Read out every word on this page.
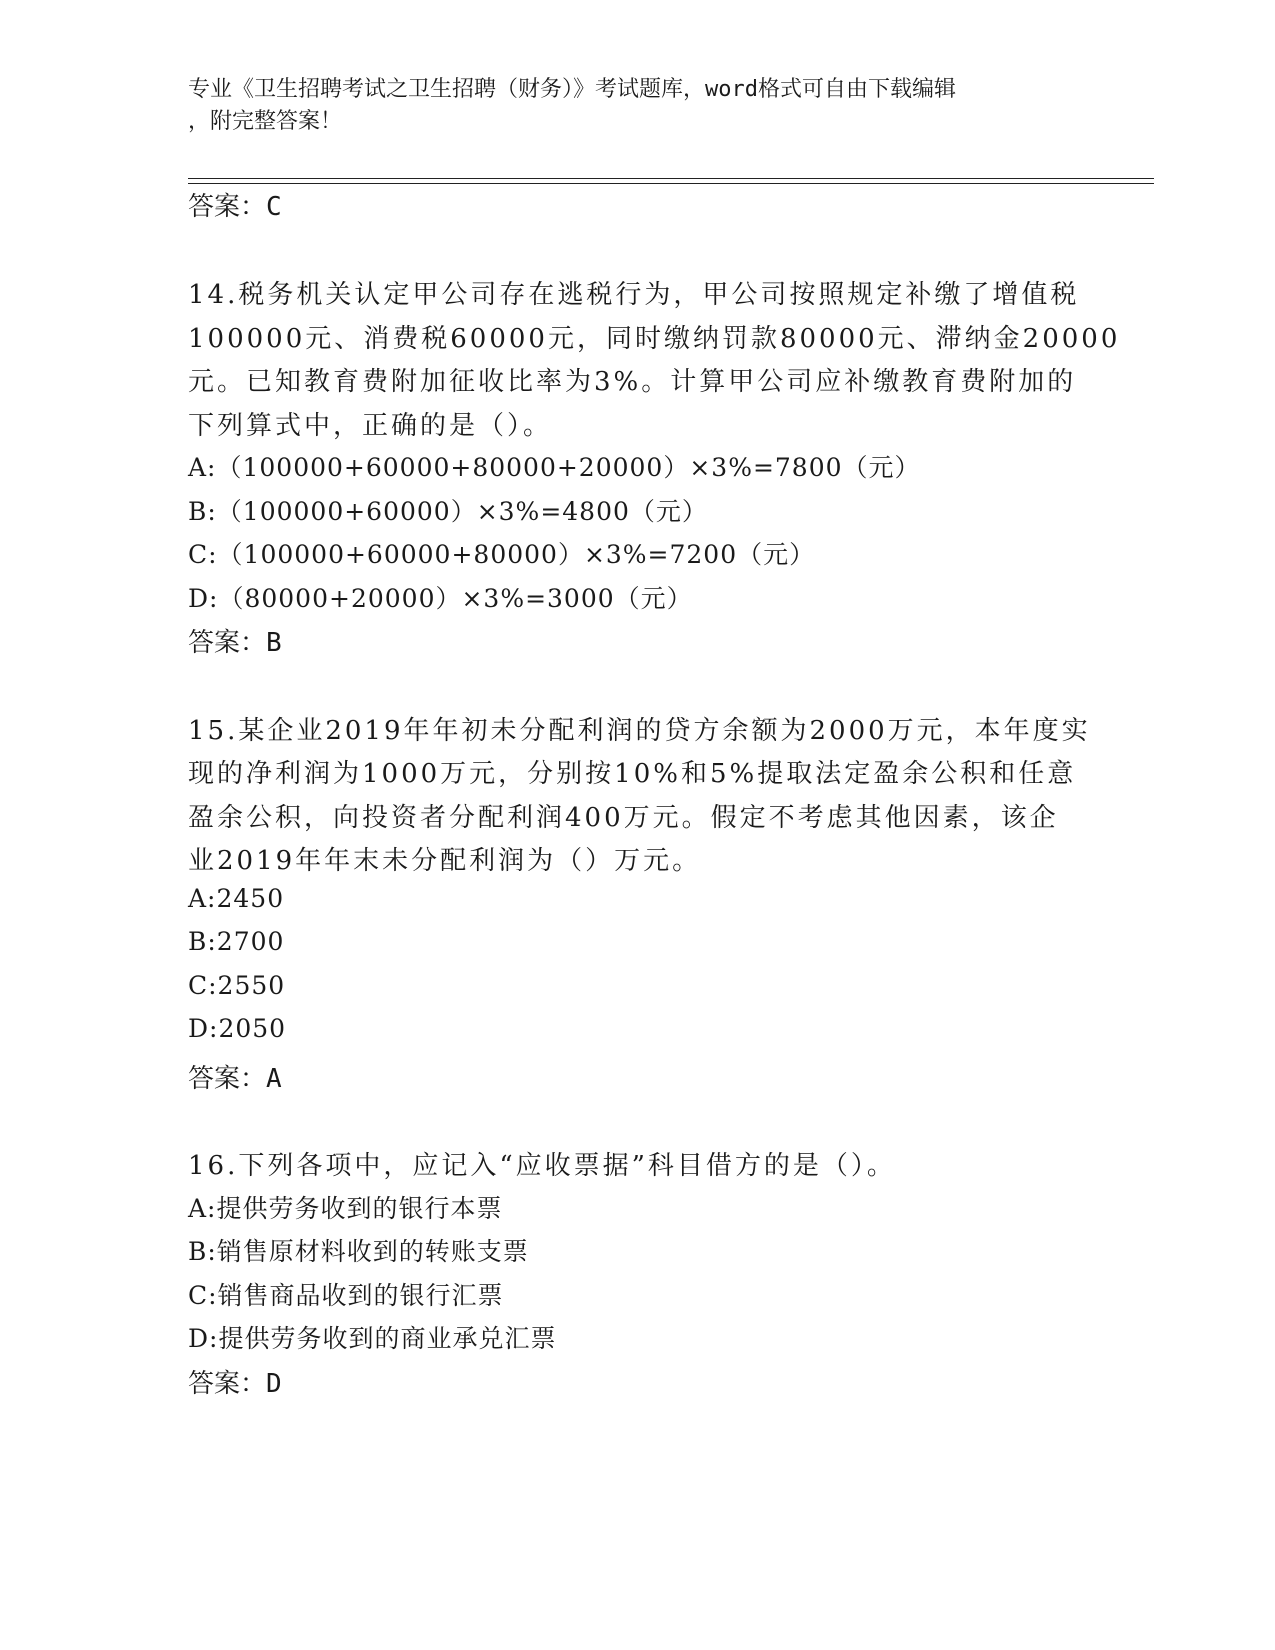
专业《卫生招聘考试之卫生招聘（财务）》考试题库，word格式可自由下载编辑
，附完整答案！
答案：C
14.税务机关认定甲公司存在逃税行为，甲公司按照规定补缴了增值税
100000元、消费税60000元，同时缴纳罚款80000元、滞纳金20000
元。已知教育费附加征收比率为3%。计算甲公司应补缴教育费附加的
下列算式中，正确的是（）。
A:（100000+60000+80000+20000）×3%=7800（元）
B:（100000+60000）×3%=4800（元）
C:（100000+60000+80000）×3%=7200（元）
D:（80000+20000）×3%=3000（元）
答案：B
15.某企业2019年年初未分配利润的贷方余额为2000万元，本年度实
现的净利润为1000万元，分别按10%和5%提取法定盈余公积和任意
盈余公积，向投资者分配利润400万元。假定不考虑其他因素，该企
业2019年年末未分配利润为（）万元。
A:2450
B:2700
C:2550
D:2050
答案：A
16.下列各项中，应记入“应收票据”科目借方的是（）。
A:提供劳务收到的银行本票
B:销售原材料收到的转账支票
C:销售商品收到的银行汇票
D:提供劳务收到的商业承兑汇票
答案：D
